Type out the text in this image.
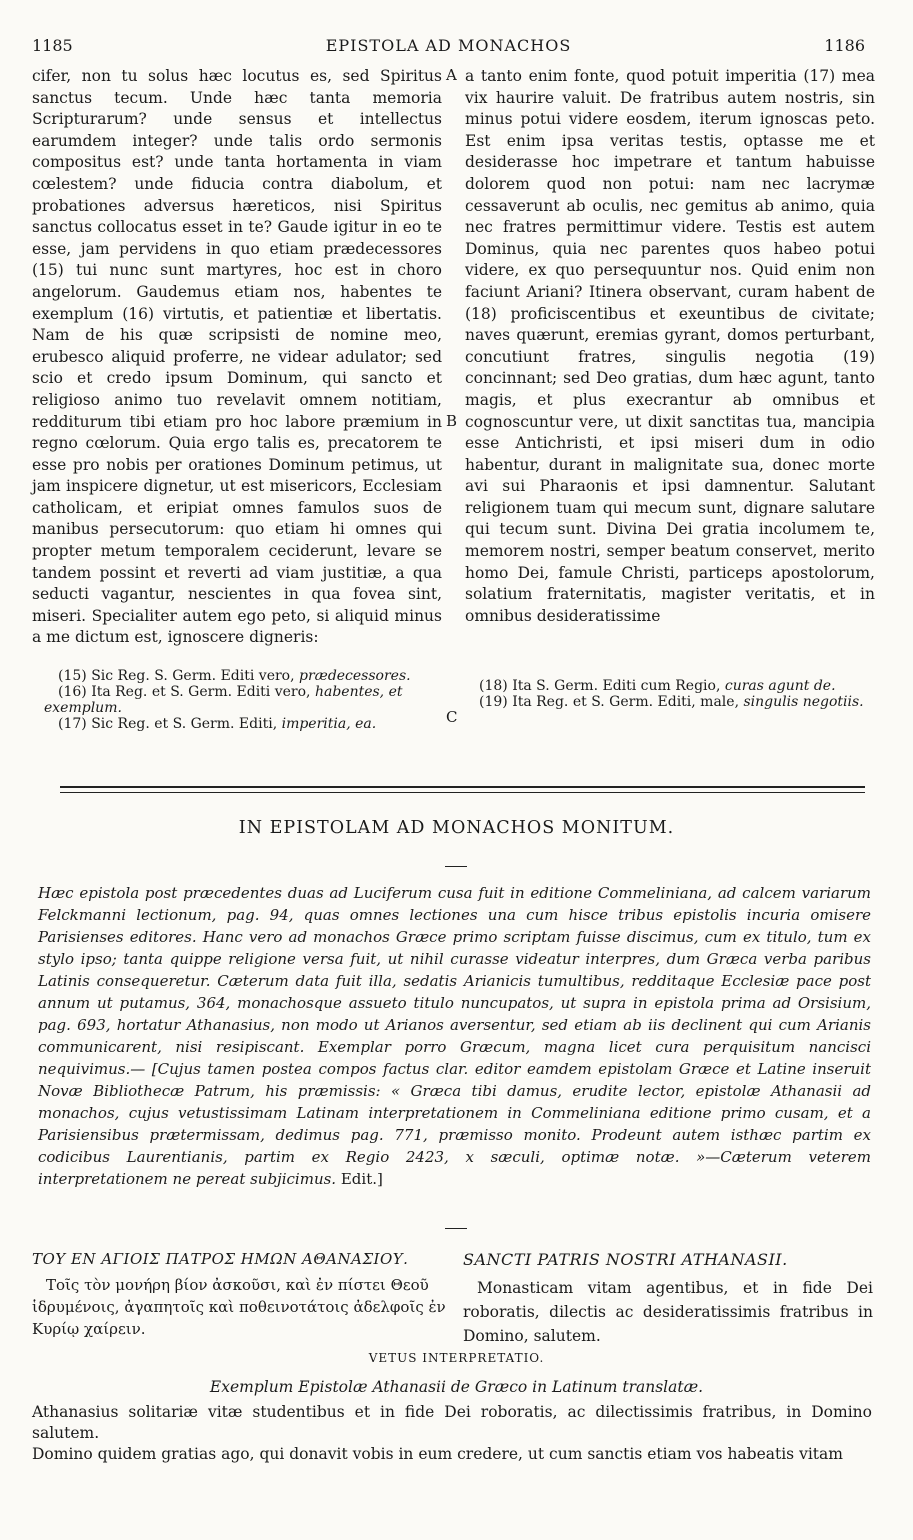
1185	EPISTOLA AD MONACHOS	1186

cifer, non tu solus hæc locutus es, sed Spiritus sanctus tecum. Unde hæc tanta memoria Scripturarum? unde sensus et intellectus earumdem integer? unde talis ordo sermonis compositus est? unde tanta hortamenta in viam cœlestem? unde fiducia contra diabolum, et probationes adversus hæreticos, nisi Spiritus sanctus collocatus esset in te? Gaude igitur in eo te esse, jam pervidens in quo etiam prædecessores (15) tui nunc sunt martyres, hoc est in choro angelorum. Gaudemus etiam nos, habentes te exemplum (16) virtutis, et patientiæ et libertatis. Nam de his quæ scripsisti de nomine meo, erubesco aliquid proferre, ne videar adulator; sed scio et credo ipsum Dominum, qui sancto et religioso animo tuo revelavit omnem notitiam, redditurum tibi etiam pro hoc labore præmium in regno cœlorum. Quia ergo talis es, precatorem te esse pro nobis per orationes Dominum petimus, ut jam inspicere dignetur, ut est misericors, Ecclesiam catholicam, et eripiat omnes famulos suos de manibus persecutorum: quo etiam hi omnes qui propter metum temporalem ceciderunt, levare se tandem possint et reverti ad viam justitiæ, a qua seducti vagantur, nescientes in qua fovea sint, miseri. Specialiter autem ego peto, si aliquid minus a me dictum est, ignoscere digneris:

A
B
C

a tanto enim fonte, quod potuit imperitia (17) mea vix haurire valuit. De fratribus autem nostris, sin minus potui videre eosdem, iterum ignoscas peto. Est enim ipsa veritas testis, optasse me et desiderasse hoc impetrare et tantum habuisse dolorem quod non potui: nam nec lacrymæ cessaverunt ab oculis, nec gemitus ab animo, quia nec fratres permittimur videre. Testis est autem Dominus, quia nec parentes quos habeo potui videre, ex quo persequuntur nos. Quid enim non faciunt Ariani? Itinera observant, curam habent de (18) proficiscentibus et exeuntibus de civitate; naves quærunt, eremias gyrant, domos perturbant, concutiunt fratres, singulis negotia (19) concinnant; sed Deo gratias, dum hæc agunt, tanto magis, et plus execrantur ab omnibus et cognoscuntur vere, ut dixit sanctitas tua, mancipia esse Antichristi, et ipsi miseri dum in odio habentur, durant in malignitate sua, donec morte avi sui Pharaonis et ipsi damnentur. Salutant religionem tuam qui mecum sunt, dignare salutare qui tecum sunt. Divina Dei gratia incolumem te, memorem nostri, semper beatum conservet, merito homo Dei, famule Christi, particeps apostolorum, solatium fraternitatis, magister veritatis, et in omnibus desideratissime

(15) Sic Reg. S. Germ. Editi vero, prædecessores.
(16) Ita Reg. et S. Germ. Editi vero, habentes, et exemplum.
(17) Sic Reg. et S. Germ. Editi, imperitia, ea.
(18) Ita S. Germ. Editi cum Regio, curas agunt de.
(19) Ita Reg. et S. Germ. Editi, male, singulis negotiis.
IN EPISTOLAM AD MONACHOS MONITUM.
Hæc epistola post præcedentes duas ad Luciferum cusa fuit in editione Commeliniana, ad calcem variarum Felckmanni lectionum, pag. 94, quas omnes lectiones una cum hisce tribus epistolis incuria omisere Parisienses editores. Hanc vero ad monachos Græce primo scriptam fuisse discimus, cum ex titulo, tum ex stylo ipso; tanta quippe religione versa fuit, ut nihil curasse videatur interpres, dum Græca verba paribus Latinis consequeretur. Cæterum data fuit illa, sedatis Arianicis tumultibus, redditaque Ecclesiæ pace post annum ut putamus, 364, monachosque assueto titulo nuncupatos, ut supra in epistola prima ad Orsisium, pag. 693, hortatur Athanasius, non modo ut Arianos aversentur, sed etiam ab iis declinent qui cum Arianis communicarent, nisi resipiscant. Exemplar porro Græcum, magna licet cura perquisitum nancisci nequivimus.— [Cujus tamen postea compos factus clar. editor eamdem epistolam Græce et Latine inseruit Novæ Bibliothecæ Patrum, his præmissis: « Græca tibi damus, erudite lector, epistolæ Athanasii ad monachos, cujus vetustissimam Latinam interpretationem in Commeliniana editione primo cusam, et a Parisiensibus prætermissam, dedimus pag. 771, præmisso monito. Prodeunt autem isthæc partim ex codicibus Laurentianis, partim ex Regio 2423, x sæculi, optimæ notæ. »—Cæterum veterem interpretationem ne pereat subjicimus. Edit.]
ΤΟΥ ΕΝ ΑΓΙΟΙΣ ΠΑΤΡΟΣ ΗΜΩΝ ΑΘΑΝΑΣΙΟΥ.
Τοῖς τὸν μονήρη βίον ἀσκοῦσι, καὶ ἐν πίστει Θεοῦ ἱδρυμένοις, ἀγαπητοῖς καὶ ποθεινοτάτοις ἀδελφοῖς ἐν Κυρίῳ χαίρειν.
SANCTI PATRIS NOSTRI ATHANASII.
Monasticam vitam agentibus, et in fide Dei roboratis, dilectis ac desideratissimis fratribus in Domino, salutem.
VETUS INTERPRETATIO.
Exemplum Epistolæ Athanasii de Græco in Latinum translatæ.

Athanasius solitariæ vitæ studentibus et in fide Dei roboratis, ac dilectissimis fratribus, in Domino salutem.

Domino quidem gratias ago, qui donavit vobis in eum credere, ut cum sanctis etiam vos habeatis vitam
